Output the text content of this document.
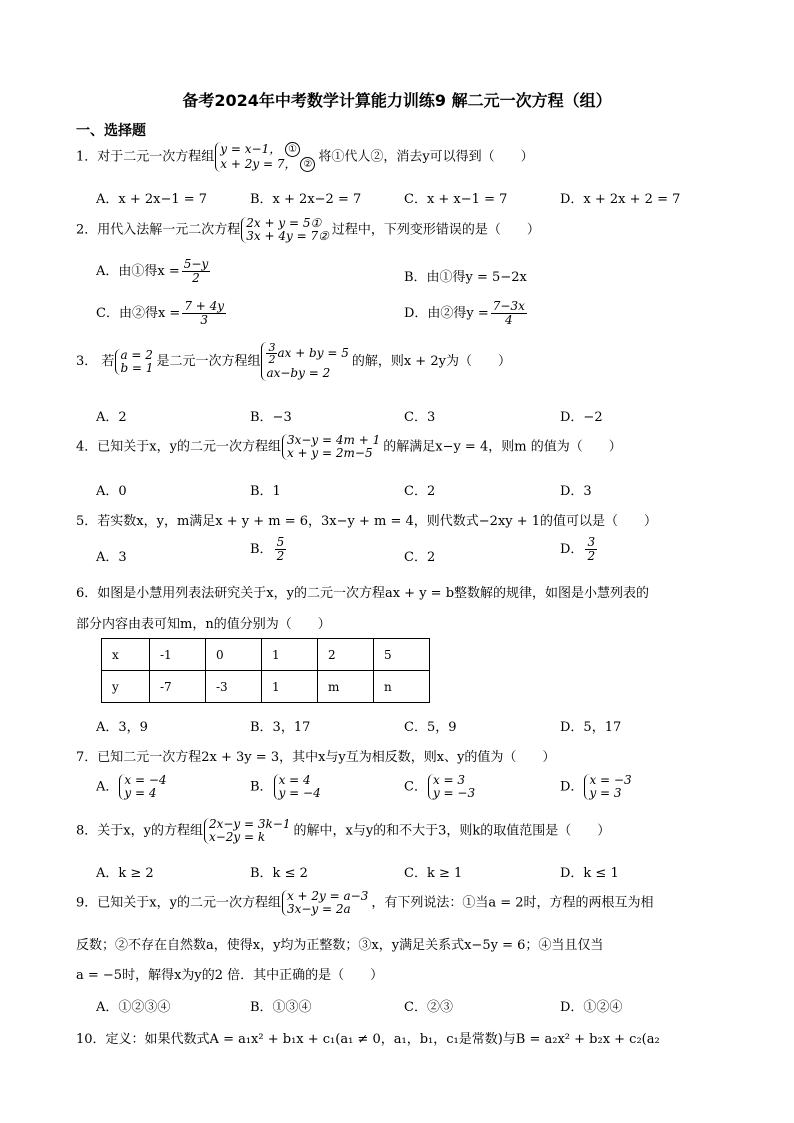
备考2024年中考数学计算能力训练9 解二元一次方程（组）
一、选择题
1．对于二元一次方程组
y = x−1， ①
x + 2y = 7， ② 将①代人②，消去y可以得到（　　）
A．x + 2x−1 = 7	B．x + 2x−2 = 7	C．x + x−1 = 7	D．x + 2x + 2 = 7
2．用代入法解一元二次方程 2x + y = 5①
3x + 4y = 7② 过程中，下列变形错误的是（　　）
A．由①得$x = \frac{5-y}{2}$	B．由①得y = 5−2x
C．由②得$x = \frac{7 + 4y}{3}$	D．由②得$y = \frac{7-3x}{4}$
3． 若 a = 2
b = 1 是二元一次方程组 $\frac{3}{2}$ ax + by = 5
ax−by = 2
的解，则x + 2y为（　　）
A．2	B．−3	C．3	D．−2
4．已知关于x，y的二元一次方程组 3x−y = 4m + 1
x + y = 2m−5 的解满足x−y = 4，则m 的值为（　　）
A．0	B．1	C．2	D．3
5．若实数x，y，m满足x + y + m = 6，3x−y + m = 4，则代数式−2xy + 1的值可以是（　　）
A．3
B． $\frac{5}{2}$	C．2
D． $\frac{3}{2}$
6．如图是小慧用列表法研究关于x，y的二元一次方程ax + y = b整数解的规律，如图是小慧列表的
部分内容由表可知m，n的值分别为（　　）
x	-1	0	1	2	5
y	-7	-3	1	m	n
A．3，9	B．3，17	C．5，9	D．5，17
7．已知二元一次方程2x + 3y = 3，其中x与y互为相反数，则x、y的值为（　　）
A． x = −4
y = 4	B． x = 4
y = −4	C． x = 3
y = −3	D． x = −3
y = 3
8．关于x，y的方程组 2x−y = 3k−1
x−2y = k	的解中，x与y的和不大于3，则k的取值范围是（　　）
A．k ≥ 2	B．k ≤ 2	C．k ≥ 1	D．k ≤ 1
9．已知关于x，y的二元一次方程组 x + 2y = a−3
3x−y = 2a	，有下列说法：①当a = 2时，方程的两根互为相
反数；②不存在自然数a，使得x，y均为正整数；③x，y满足关系式x−5y = 6；④当且仅当
a = −5时，解得x为y的2 倍．其中正确的是（　　）
A．①②③④	B．①③④	C．②③	D．①②④
10．定义：如果代数式A = a₁x² + b₁x + c₁(a₁ ≠ 0，a₁，b₁，c₁是常数)与B = a₂x² + b₂x + c₂(a₂
